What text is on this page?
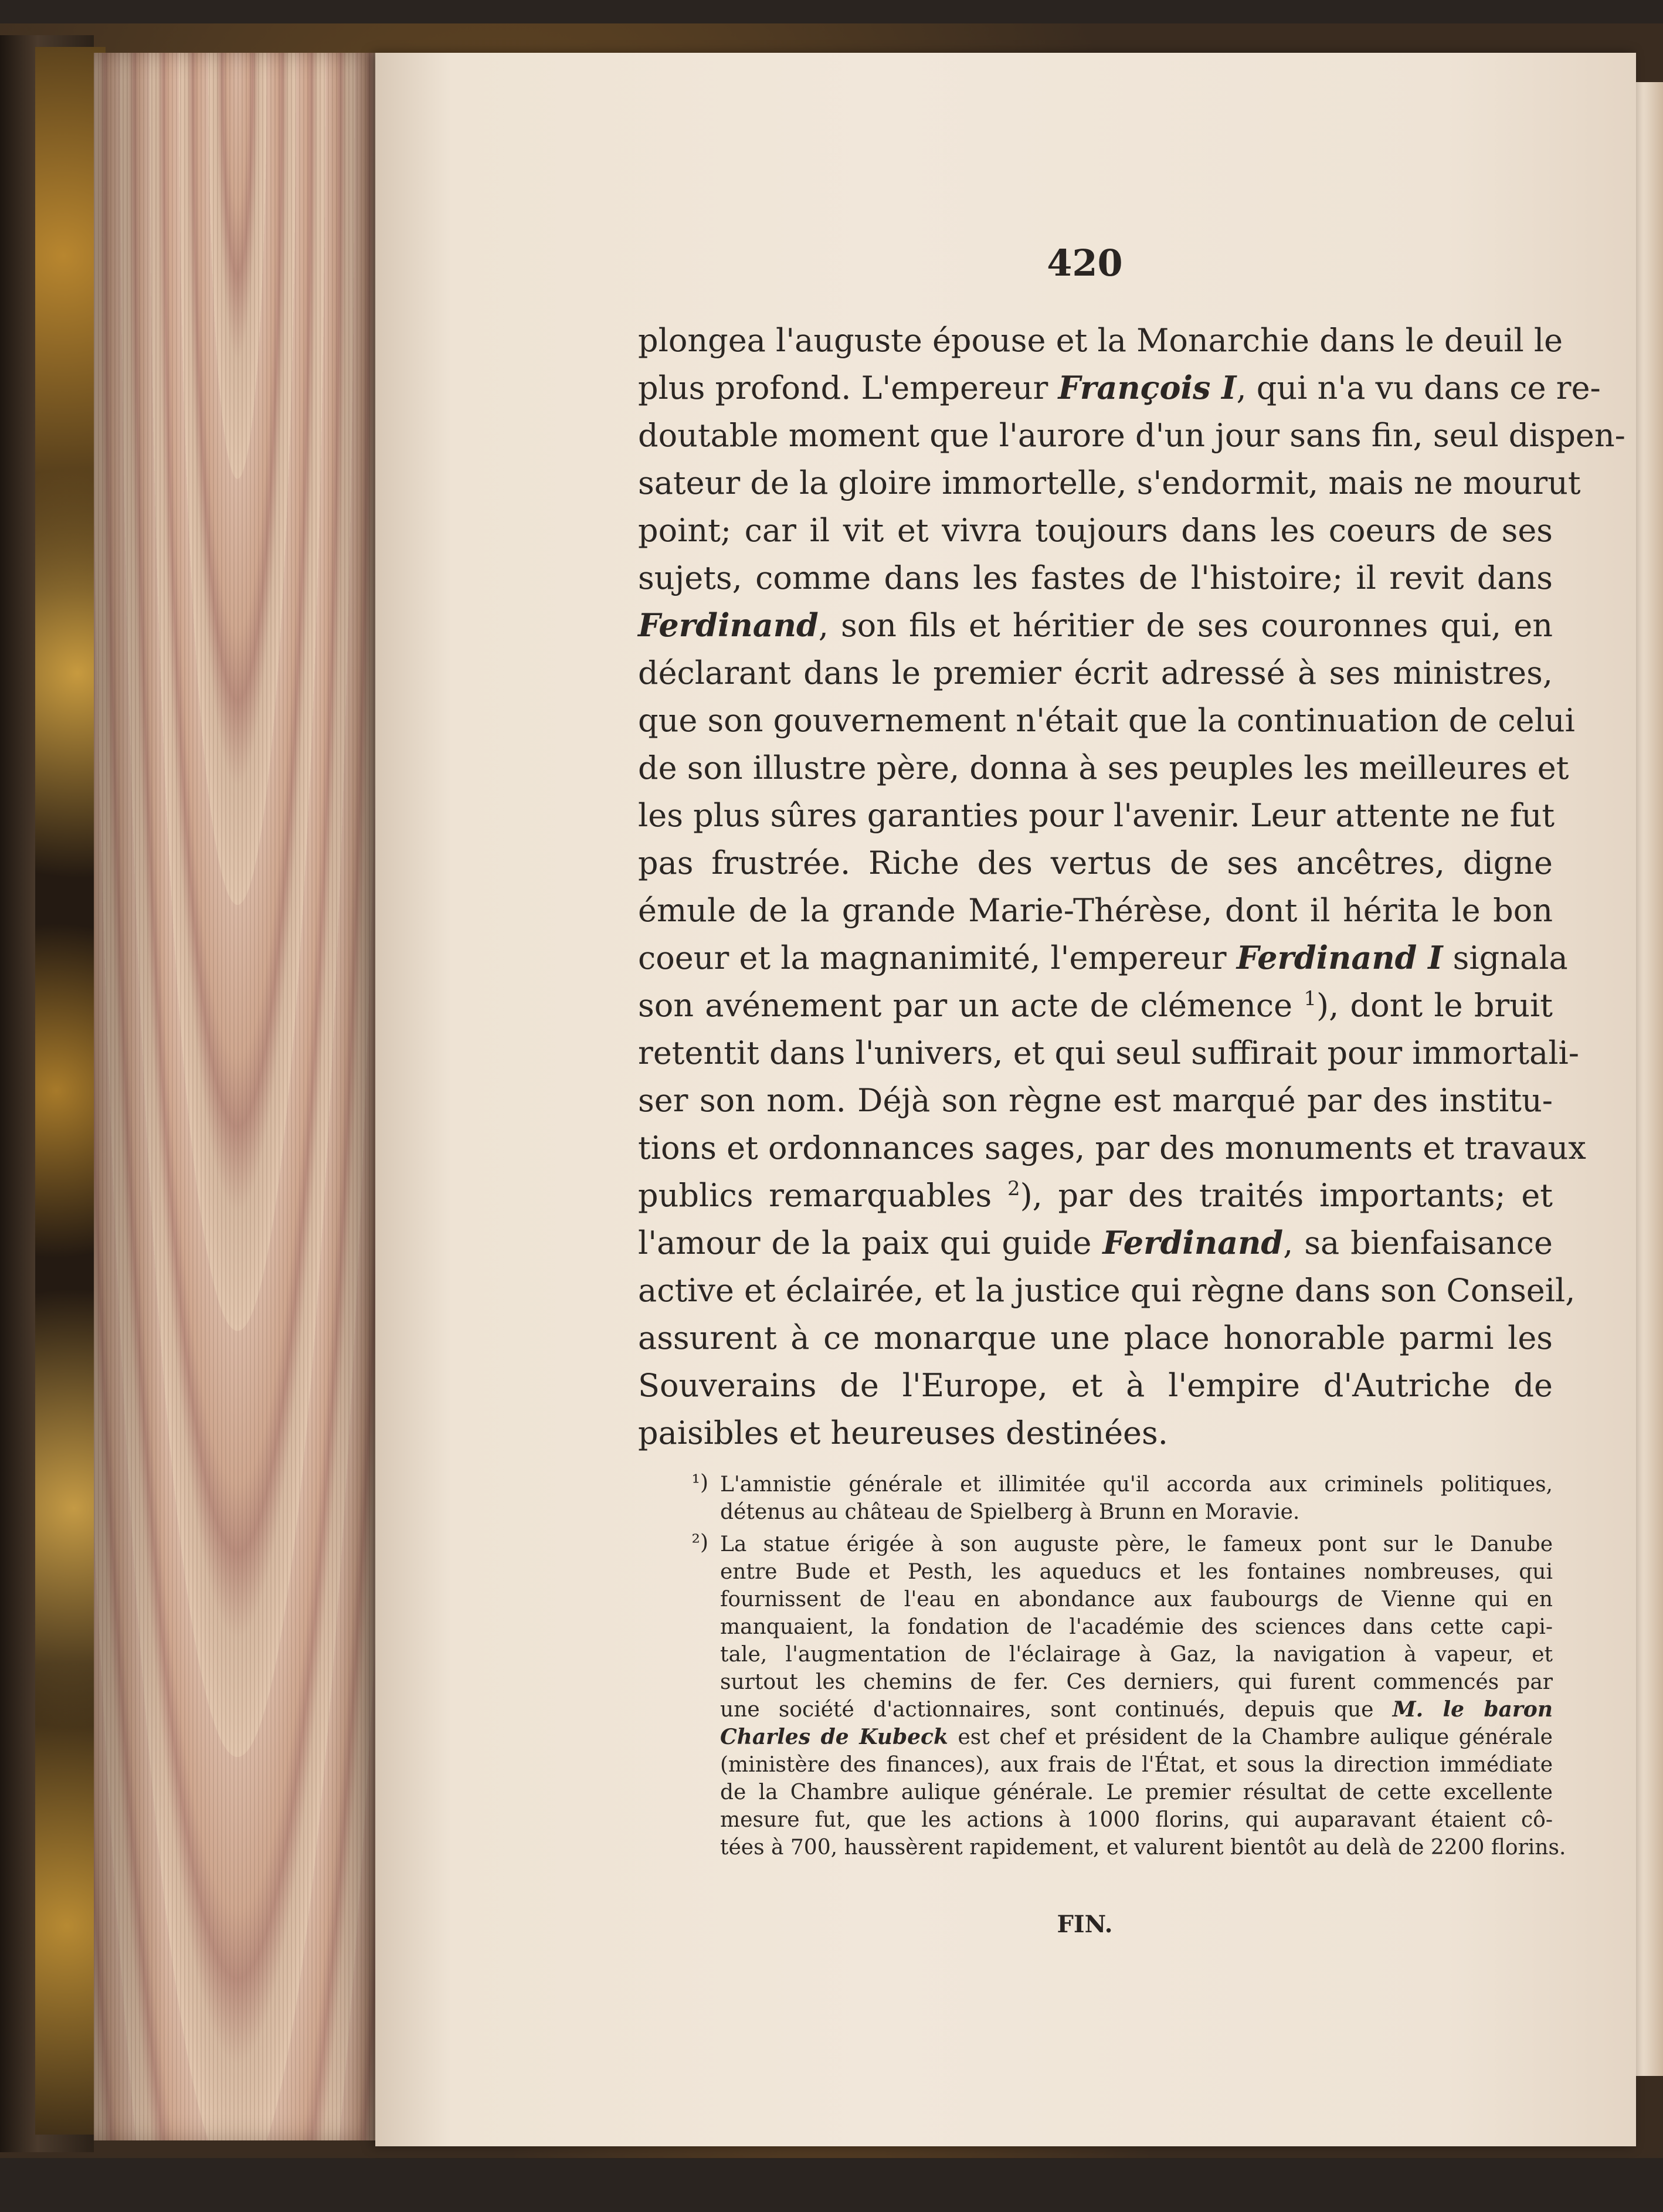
420
plongea l'auguste épouse et la Monarchie dans le deuil le
plus profond. L'empereur François I, qui n'a vu dans ce re-
doutable moment que l'aurore d'un jour sans fin, seul dispen-
sateur de la gloire immortelle, s'endormit, mais ne mourut
point; car il vit et vivra toujours dans les coeurs de ses
sujets, comme dans les fastes de l'histoire; il revit dans
Ferdinand, son fils et héritier de ses couronnes qui, en
déclarant dans le premier écrit adressé à ses ministres,
que son gouvernement n'était que la continuation de celui
de son illustre père, donna à ses peuples les meilleures et
les plus sûres garanties pour l'avenir. Leur attente ne fut
pas frustrée. Riche des vertus de ses ancêtres, digne
émule de la grande Marie-Thérèse, dont il hérita le bon
coeur et la magnanimité, l'empereur Ferdinand I signala
son avénement par un acte de clémence $^1$), dont le bruit
retentit dans l'univers, et qui seul suffirait pour immortali-
ser son nom. Déjà son règne est marqué par des institu-
tions et ordonnances sages, par des monuments et travaux
publics remarquables $^2$), par des traités importants; et
l'amour de la paix qui guide Ferdinand, sa bienfaisance
active et éclairée, et la justice qui règne dans son Conseil,
assurent à ce monarque une place honorable parmi les
Souverains de l'Europe, et à l'empire d'Autriche de
paisibles et heureuses destinées.
¹) L'amnistie générale et illimitée qu'il accorda aux criminels politiques,
détenus au château de Spielberg à Brunn en Moravie.
²) La statue érigée à son auguste père, le fameux pont sur le Danube
entre Bude et Pesth, les aqueducs et les fontaines nombreuses, qui
fournissent de l'eau en abondance aux faubourgs de Vienne qui en
manquaient, la fondation de l'académie des sciences dans cette capi-
tale, l'augmentation de l'éclairage à Gaz, la navigation à vapeur, et
surtout les chemins de fer. Ces derniers, qui furent commencés par
une société d'actionnaires, sont continués, depuis que M. le baron
Charles de Kubeck est chef et président de la Chambre aulique générale
(ministère des finances), aux frais de l'État, et sous la direction immédiate
de la Chambre aulique générale. Le premier résultat de cette excellente
mesure fut, que les actions à 1000 florins, qui auparavant étaient cô-
tées à 700, haussèrent rapidement, et valurent bientôt au delà de 2200 florins.
FIN.
